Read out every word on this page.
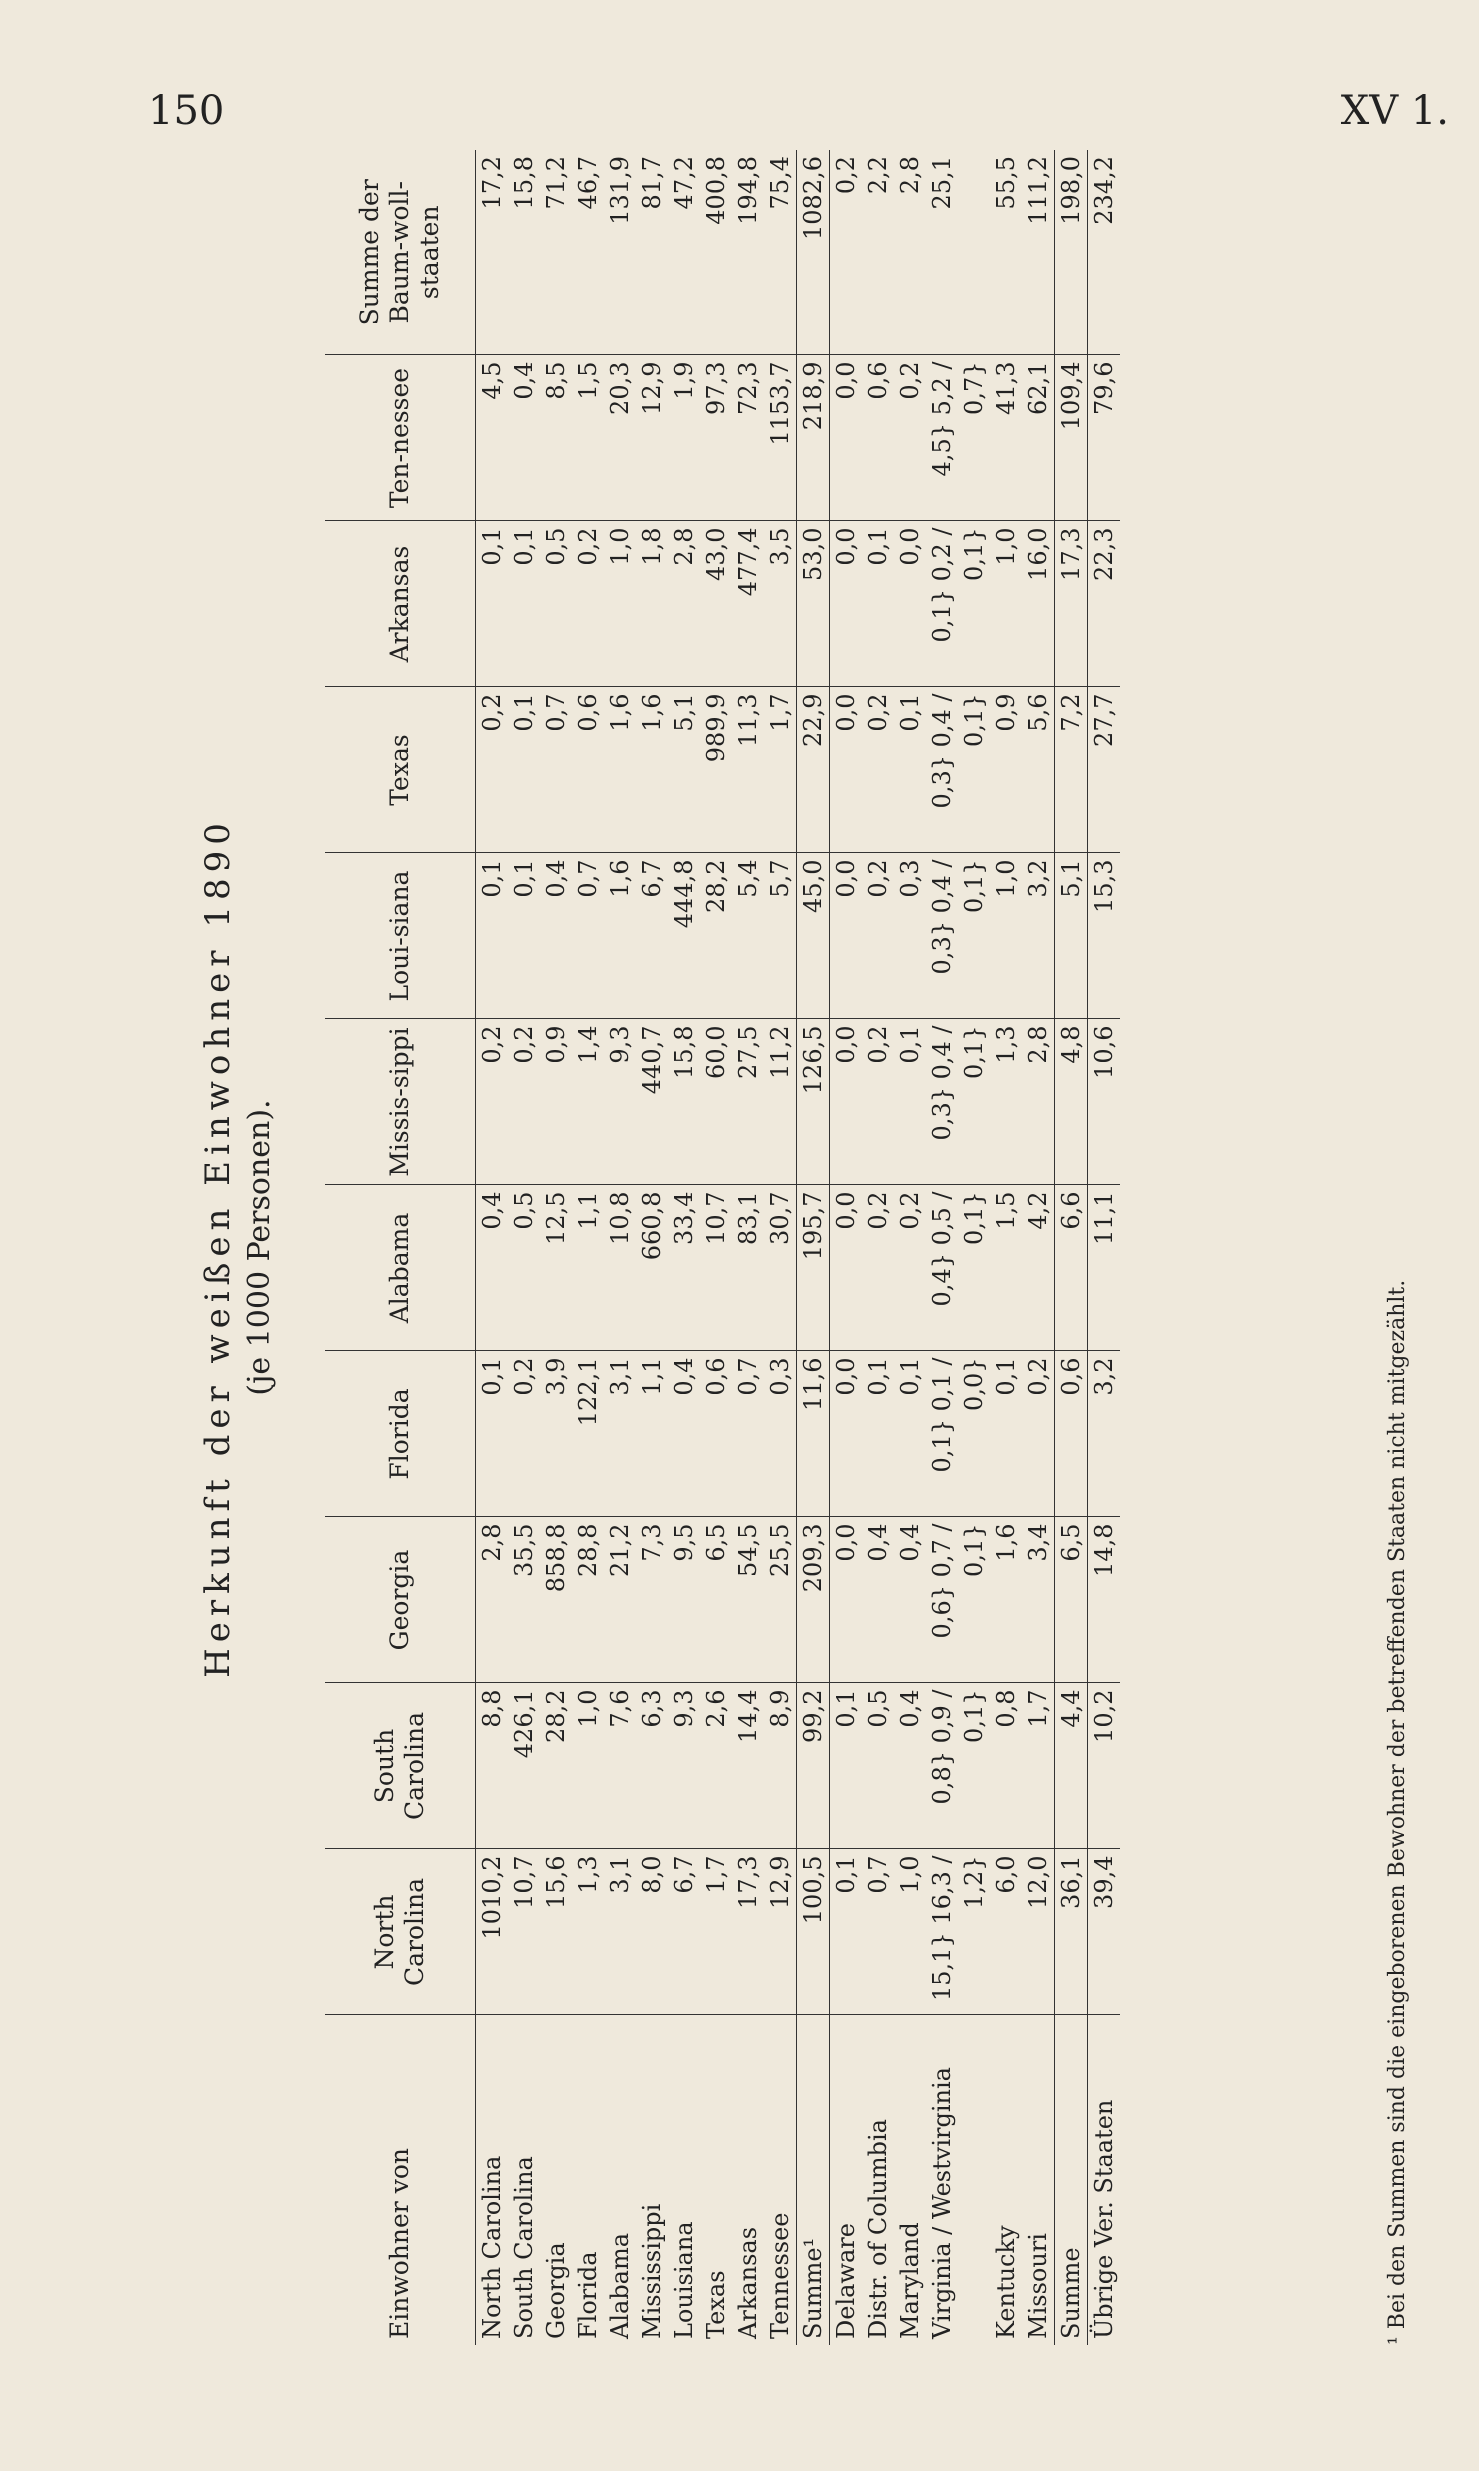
150	XV 1.
Herkunft der weißen Einwohner 1890 (je 1000 Personen).
Einwohner von	North Carolina	South Carolina	Georgia	Florida	Alabama	Missis-sippi	Loui-siana	Texas	Arkansas	Ten-nessee	Summe der Baum-woll-staaten
North Carolina	1010,2	8,8	2,8	0,1	0,4	0,2	0,1	0,2	0,1	4,5	17,2
South Carolina	10,7	426,1	35,5	0,2	0,5	0,2	0,1	0,1	0,1	0,4	15,8
Georgia	15,6	28,2	858,8	3,9	12,5	0,9	0,4	0,7	0,5	8,5	71,2
Florida	1,3	1,0	28,8	122,1	1,1	1,4	0,7	0,6	0,2	1,5	46,7
Alabama	3,1	7,6	21,2	3,1	10,8	9,3	1,6	1,6	1,0	20,3	131,9
Mississippi	8,0	6,3	7,3	1,1	660,8	440,7	6,7	1,6	1,8	12,9	81,7
Louisiana	6,7	9,3	9,5	0,4	33,4	15,8	444,8	5,1	2,8	1,9	47,2
Texas	1,7	2,6	6,5	0,6	10,7	60,0	28,2	989,9	43,0	97,3	400,8
Arkansas	17,3	14,4	54,5	0,7	83,1	27,5	5,4	11,3	477,4	72,3	194,8
Tennessee	12,9	8,9	25,5	0,3	30,7	11,2	5,7	1,7	3,5	1153,7	75,4
Summe¹	100,5	99,2	209,3	11,6	195,7	126,5	45,0	22,9	53,0	218,9	1082,6
Delaware	0,1	0,1	0,0	0,0	0,0	0,0	0,0	0,0	0,0	0,0	0,2
Distr. of Columbia	0,7	0,5	0,4	0,1	0,2	0,2	0,2	0,2	0,1	0,6	2,2
Maryland	1,0	0,4	0,4	0,1	0,2	0,1	0,3	0,1	0,0	0,2	2,8
Virginia / Westvirginia	15,1} 16,3 / 1,2}	0,8} 0,9 / 0,1}	0,6} 0,7 / 0,1}	0,1} 0,1 / 0,0}	0,4} 0,5 / 0,1}	0,3} 0,4 / 0,1}	0,3} 0,4 / 0,1}	0,3} 0,4 / 0,1}	0,1} 0,2 / 0,1}	4,5} 5,2 / 0,7}	25,1
Kentucky	6,0	0,8	1,6	0,1	1,5	1,3	1,0	0,9	1,0	41,3	55,5
Missouri	12,0	1,7	3,4	0,2	4,2	2,8	3,2	5,6	16,0	62,1	111,2
Summe	36,1	4,4	6,5	0,6	6,6	4,8	5,1	7,2	17,3	109,4	198,0
Übrige Ver. Staaten	39,4	10,2	14,8	3,2	11,1	10,6	15,3	27,7	22,3	79,6	234,2
¹ Bei den Summen sind die eingeborenen Bewohner der betreffenden Staaten nicht mitgezählt.
